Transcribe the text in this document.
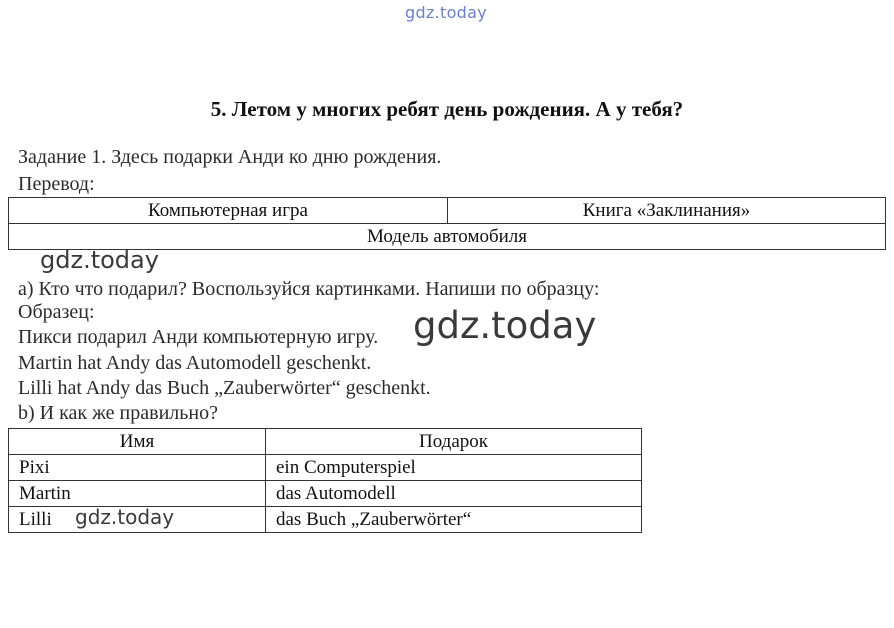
gdz.today
5. Летом у многих ребят день рождения. А у тебя?
Задание 1. Здесь подарки Анди ко дню рождения.
Перевод:
Компьютерная игра	Книга «Заклинания»
Модель автомобиля
а) Кто что подарил? Воспользуйся картинками. Напиши по образцу:
Образец:
Пикси подарил Анди компьютерную игру.
Martin hat Andy das Automodell geschenkt.
Lilli hat Andy das Buch „Zauberwörter“ geschenkt.
b) И как же правильно?
Имя	Подарок
Pixi	ein Computerspiel
Martin	das Automodell
Lilli	das Buch „Zauberwörter“
gdz.today
gdz.today
gdz.today
